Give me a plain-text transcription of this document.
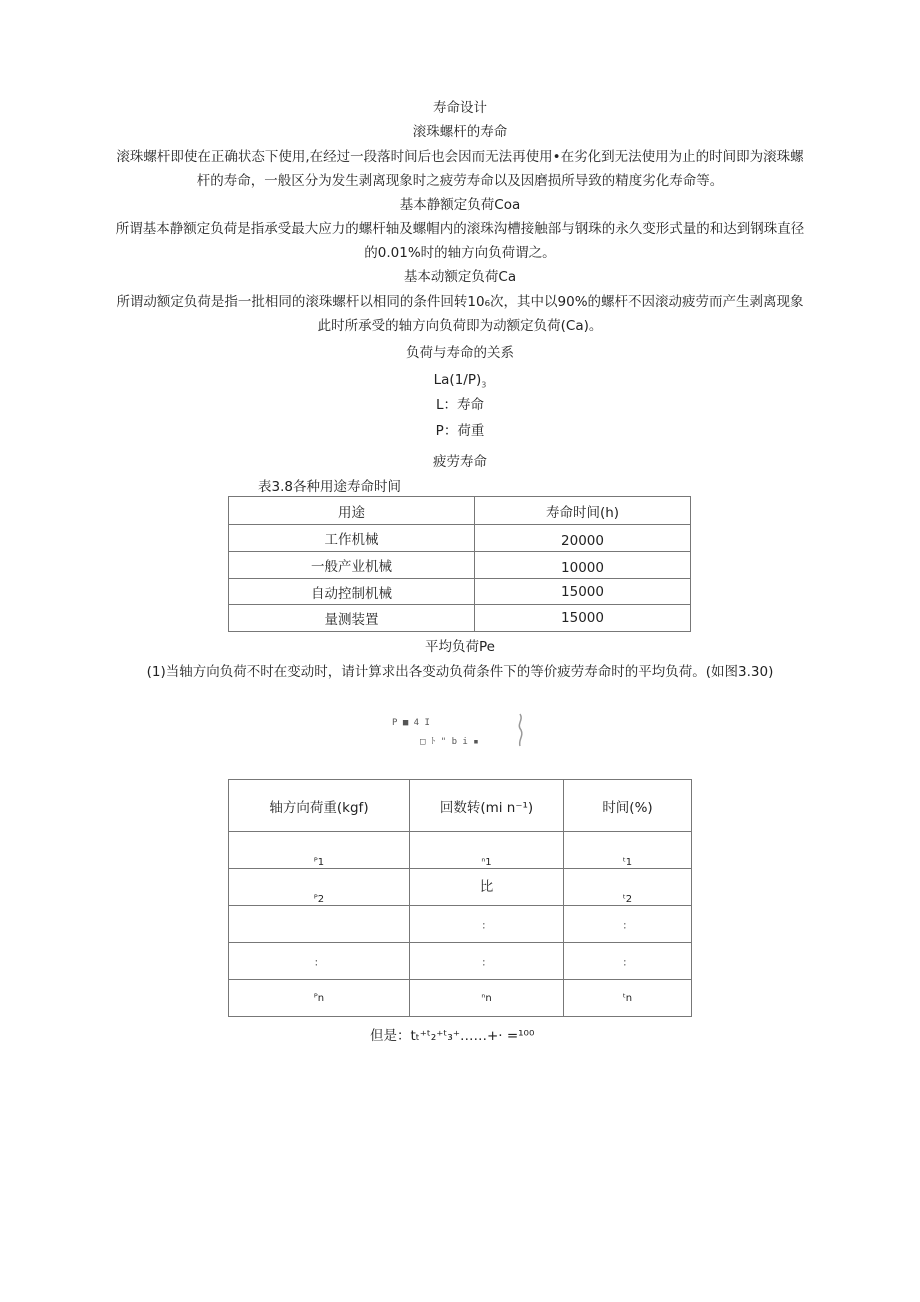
寿命设计
滚珠螺杆的寿命
滚珠螺杆即使在正确状态下使用,在经过一段落时间后也会因而无法再使用•在劣化到无法使用为止的时间即为滚珠螺
杆的寿命，一般区分为发生剥离现象时之疲劳寿命以及因磨损所导致的精度劣化寿命等。
基本静额定负荷Coa
所谓基本静额定负荷是指承受最大应力的螺杆轴及螺帽内的滚珠沟槽接触部与钢珠的永久变形式量的和达到钢珠直径
的0.01%时的轴方向负荷谓之。
基本动额定负荷Ca
所谓动额定负荷是指一批相同的滚珠螺杆以相同的条件回转10₆次，其中以90%的螺杆不因滚动疲劳而产生剥离现象
此时所承受的轴方向负荷即为动额定负荷(Ca)。
负荷与寿命的关系
$La(1/P)_3$
L：寿命
P：荷重
疲劳寿命
表3.8各种用途寿命时间
用途	寿命时间(h)
工作机械	20000
一般产业机械	10000
自动控制机械	15000
量测装置	15000
平均负荷Pe
(1)当轴方向负荷不时在变动时，请计算求出各变动负荷条件下的等价疲劳寿命时的平均负荷。(如图3.30)
P ■ 4 I
□ ﾄ " b i ▪
轴方向荷重(kgf)	回数转(mi n⁻¹)	时间(%)
ᴾ1	ⁿ1	ᵗ1
ᴾ2	比	ᵗ2
	：	：
：	：	：
ᴾn	ⁿn	ᵗn
但是：tₜ⁺ᵗ₂⁺ᵗ₃⁺……+· =¹⁰⁰
